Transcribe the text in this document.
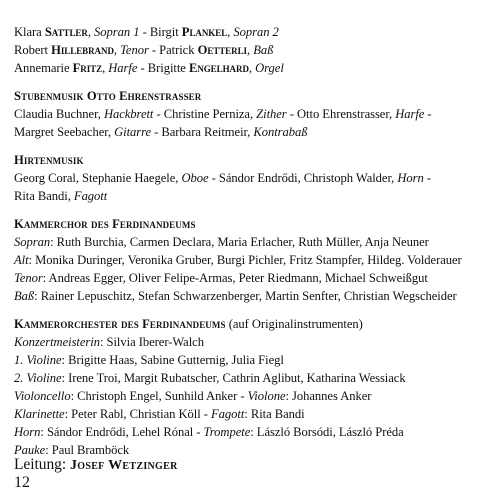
Klara Sattler, Sopran 1 - Birgit Plankel, Sopran 2
Robert Hillebrand, Tenor - Patrick Oetterli, Baß
Annemarie Fritz, Harfe - Brigitte Engelhard, Orgel
Stubenmusik Otto Ehrenstrasser
Claudia Buchner, Hackbrett - Christine Perniza, Zither - Otto Ehrenstrasser, Harfe -
Margret Seebacher, Gitarre - Barbara Reitmeir, Kontrabaß
Hirtenmusik
Georg Coral, Stephanie Haegele, Oboe - Sándor Endrődi, Christoph Walder, Horn -
Rita Bandi, Fagott
Kammerchor des Ferdinandeums
Sopran: Ruth Burchia, Carmen Declara, Maria Erlacher, Ruth Müller, Anja Neuner
Alt: Monika Duringer, Veronika Gruber, Burgi Pichler, Fritz Stampfer, Hildeg. Volderauer
Tenor: Andreas Egger, Oliver Felipe-Armas, Peter Riedmann, Michael Schweißgut
Baß: Rainer Lepuschitz, Stefan Schwarzenberger, Martin Senfter, Christian Wegscheider
Kammerorchester des Ferdinandeums (auf Originalinstrumenten)
Konzertmeisterin: Silvia Iberer-Walch
1. Violine: Brigitte Haas, Sabine Gutternig, Julia Fiegl
2. Violine: Irene Troi, Margit Rubatscher, Cathrin Aglibut, Katharina Wessiack
Violoncello: Christoph Engel, Sunhild Anker - Violone: Johannes Anker
Klarinette: Peter Rabl, Christian Köll - Fagott: Rita Bandi
Horn: Sándor Endrődi, Lehel Rónal - Trompete: László Borsódi, László Préda
Pauke: Paul Bramböck
Leitung: Josef Wetzinger
12
